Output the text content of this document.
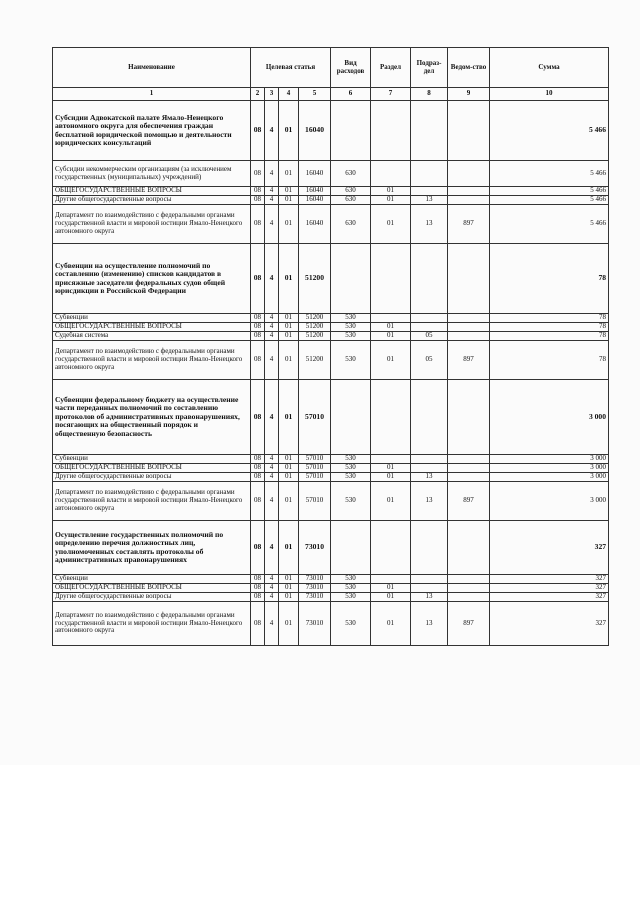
Наименование	Целевая статья				Вид расходов	Раздел	Подраз-дел	Ведом-ство	Сумма
1	2	3	4	5	6	7	8	9	10
Субсидии Адвокатской палате Ямало-Ненецкого автономного округа для обеспечения граждан бесплатной юридической помощью и деятельности юридических консультаций	08	4	01	16040					5 466
Субсидии некоммерческим организациям (за исключением государственных (муниципальных) учреждений)	08	4	01	16040	630				5 466
ОБЩЕГОСУДАРСТВЕННЫЕ ВОПРОСЫ	08	4	01	16040	630	01			5 466
Другие общегосударственные вопросы	08	4	01	16040	630	01	13		5 466
Департамент по взаимодействию с федеральными органами государственной власти и мировой юстиции Ямало-Ненецкого автономного округа	08	4	01	16040	630	01	13	897	5 466
Субвенции на осуществление полномочий по составлению (изменению) списков кандидатов в присяжные заседатели федеральных судов общей юрисдикции в Российской Федерации	08	4	01	51200					78
Субвенции	08	4	01	51200	530				78
ОБЩЕГОСУДАРСТВЕННЫЕ ВОПРОСЫ	08	4	01	51200	530	01			78
Судебная система	08	4	01	51200	530	01	05		78
Департамент по взаимодействию с федеральными органами государственной власти и мировой юстиции Ямало-Ненецкого автономного округа	08	4	01	51200	530	01	05	897	78
Субвенции федеральному бюджету на осуществление части переданных полномочий по составлению протоколов об административных правонарушениях, посягающих на общественный порядок и общественную безопасность	08	4	01	57010					3 000
Субвенции	08	4	01	57010	530				3 000
ОБЩЕГОСУДАРСТВЕННЫЕ ВОПРОСЫ	08	4	01	57010	530	01			3 000
Другие общегосударственные вопросы	08	4	01	57010	530	01	13		3 000
Департамент по взаимодействию с федеральными органами государственной власти и мировой юстиции Ямало-Ненецкого автономного округа	08	4	01	57010	530	01	13	897	3 000
Осуществление государственных полномочий по определению перечня должностных лиц, уполномоченных составлять протоколы об административных правонарушениях	08	4	01	73010					327
Субвенции	08	4	01	73010	530				327
ОБЩЕГОСУДАРСТВЕННЫЕ ВОПРОСЫ	08	4	01	73010	530	01			327
Другие общегосударственные вопросы	08	4	01	73010	530	01	13		327
Департамент по взаимодействию с федеральными органами государственной власти и мировой юстиции Ямало-Ненецкого автономного округа	08	4	01	73010	530	01	13	897	327
